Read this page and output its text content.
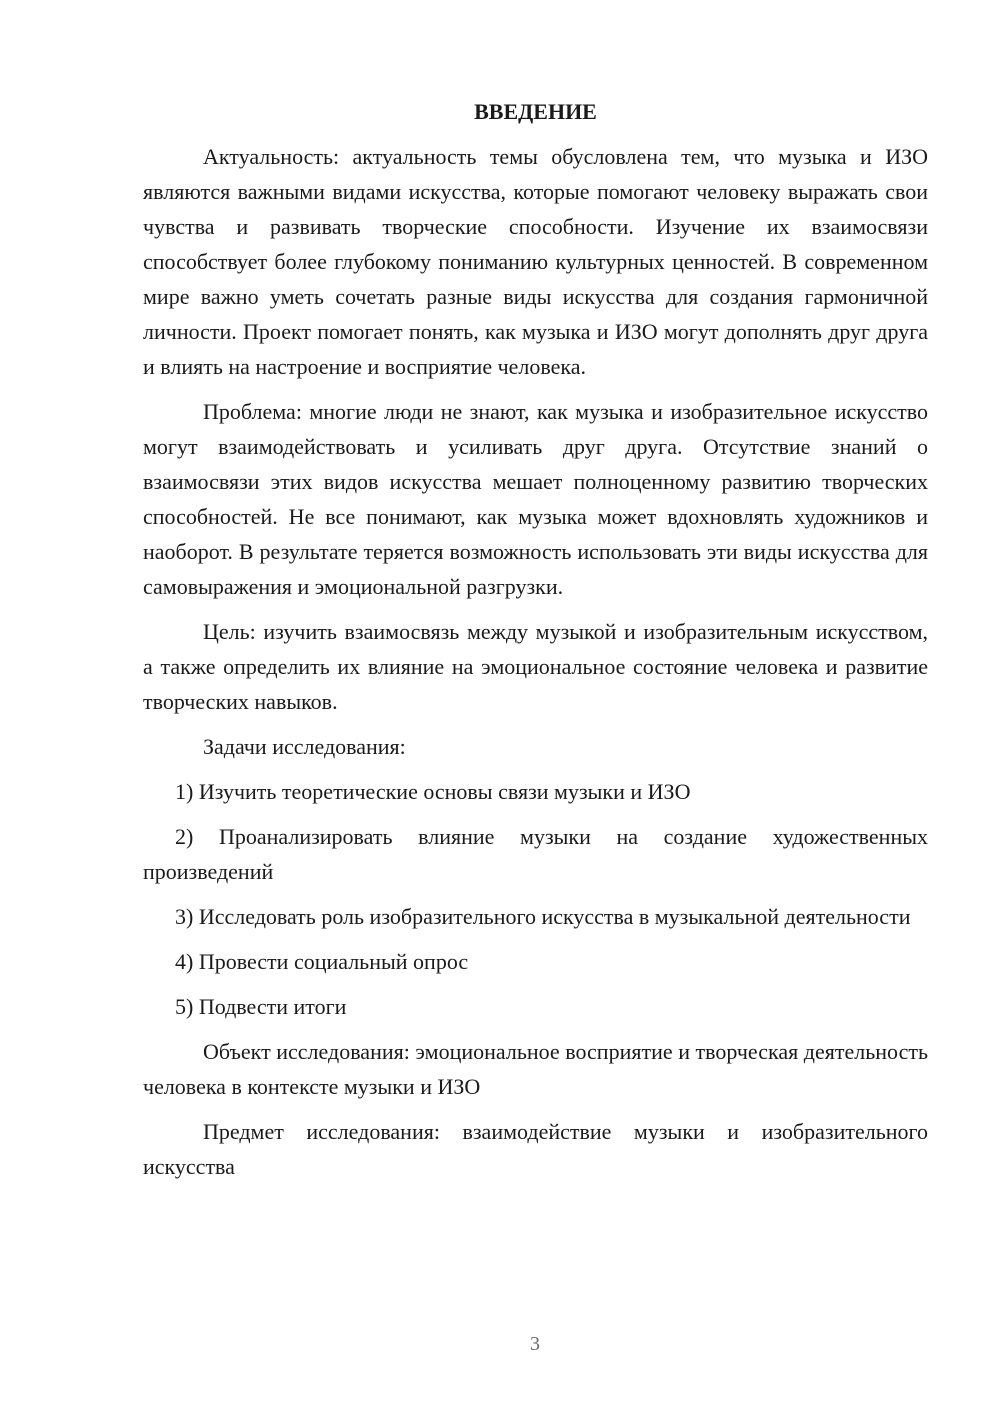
ВВЕДЕНИЕ

Актуальность: актуальность темы обусловлена тем, что музыка и ИЗО являются важными видами искусства, которые помогают человеку выражать свои чувства и развивать творческие способности. Изучение их взаимосвязи способствует более глубокому пониманию культурных ценностей. В современном мире важно уметь сочетать разные виды искусства для создания гармоничной личности. Проект помогает понять, как музыка и ИЗО могут дополнять друг друга и влиять на настроение и восприятие человека.

Проблема: многие люди не знают, как музыка и изобразительное искусство могут взаимодействовать и усиливать друг друга. Отсутствие знаний о взаимосвязи этих видов искусства мешает полноценному развитию творческих способностей. Не все понимают, как музыка может вдохновлять художников и наоборот. В результате теряется возможность использовать эти виды искусства для самовыражения и эмоциональной разгрузки.

Цель: изучить взаимосвязь между музыкой и изобразительным искусством, а также определить их влияние на эмоциональное состояние человека и развитие творческих навыков.

Задачи исследования:

1) Изучить теоретические основы связи музыки и ИЗО

2) Проанализировать влияние музыки на создание художественных произведений

3) Исследовать роль изобразительного искусства в музыкальной деятельности

4) Провести социальный опрос

5) Подвести итоги

Объект исследования: эмоциональное восприятие и творческая деятельность человека в контексте музыки и ИЗО

Предмет исследования: взаимодействие музыки и изобразительного искусства

3
